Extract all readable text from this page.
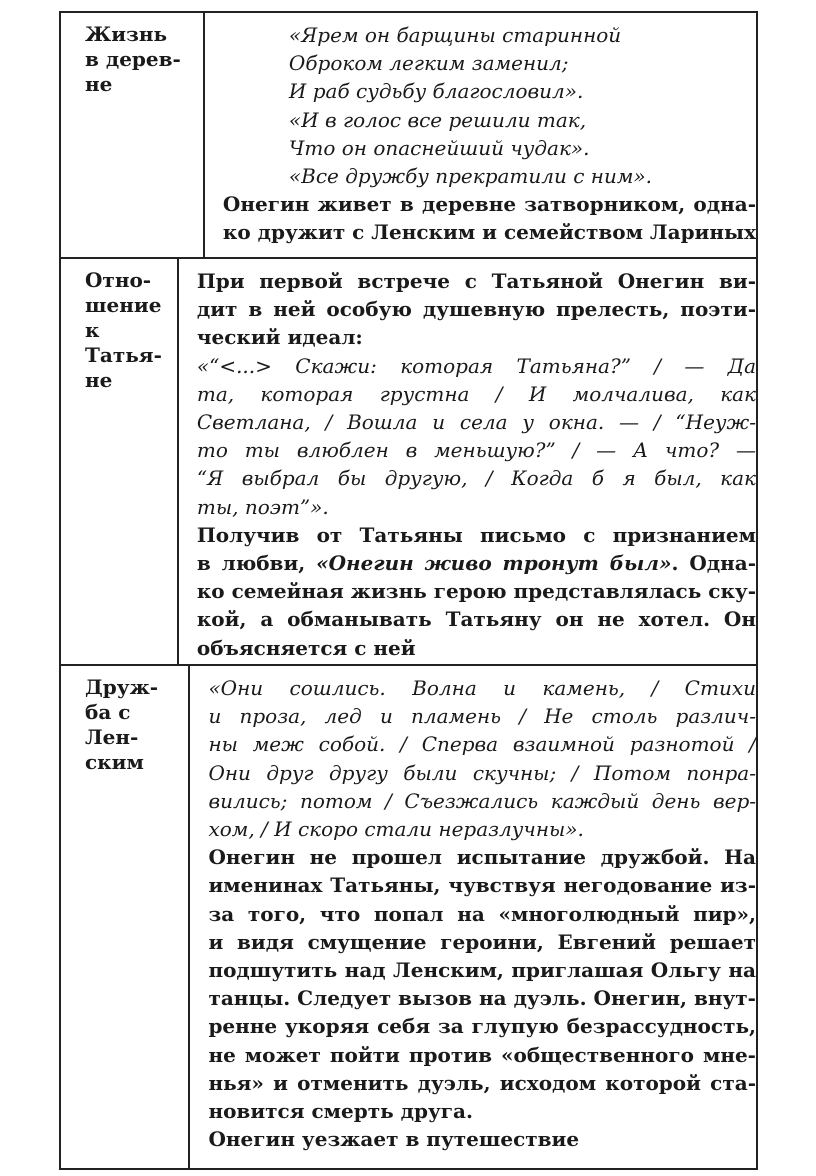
Жизнь
в дерев-
не
«Ярем он барщины старинной
Оброком легким заменил;
И раб судьбу благословил».
«И в голос все решили так,
Что он опаснейший чудак».
«Все дружбу прекратили с ним».
Онегин живет в деревне затворником, одна-
ко дружит с Ленским и семейством Лариных
Отно-
шение
к Татья-
не
При первой встрече с Татьяной Онегин ви-
дит в ней особую душевную прелесть, поэти-
ческий идеал:
«“<...> Скажи: которая Татьяна?” / — Да
та, которая грустна / И молчалива, как
Светлана, / Вошла и села у окна. — / “Неуж-
то ты влюблен в меньшую?” / — А что? —
“Я выбрал бы другую, / Когда б я был, как
ты, поэт”».
Получив от Татьяны письмо с признанием
в любви, «Онегин живо тронут был». Одна-
ко семейная жизнь герою представлялась ску-
кой, а обманывать Татьяну он не хотел. Он
объясняется с ней
Друж-
ба с Лен-
ским
«Они сошлись. Волна и камень, / Стихи
и проза, лед и пламень / Не столь различ-
ны меж собой. / Сперва взаимной разнотой /
Они друг другу были скучны; / Потом понра-
вились; потом / Съезжались каждый день вер-
хом, / И скоро стали неразлучны».
Онегин не прошел испытание дружбой. На
именинах Татьяны, чувствуя негодование из-
за того, что попал на «многолюдный пир»,
и видя смущение героини, Евгений решает
подшутить над Ленским, приглашая Ольгу на
танцы. Следует вызов на дуэль. Онегин, внут-
ренне укоряя себя за глупую безрассудность,
не может пойти против «общественного мне-
нья» и отменить дуэль, исходом которой ста-
новится смерть друга.
Онегин уезжает в путешествие
